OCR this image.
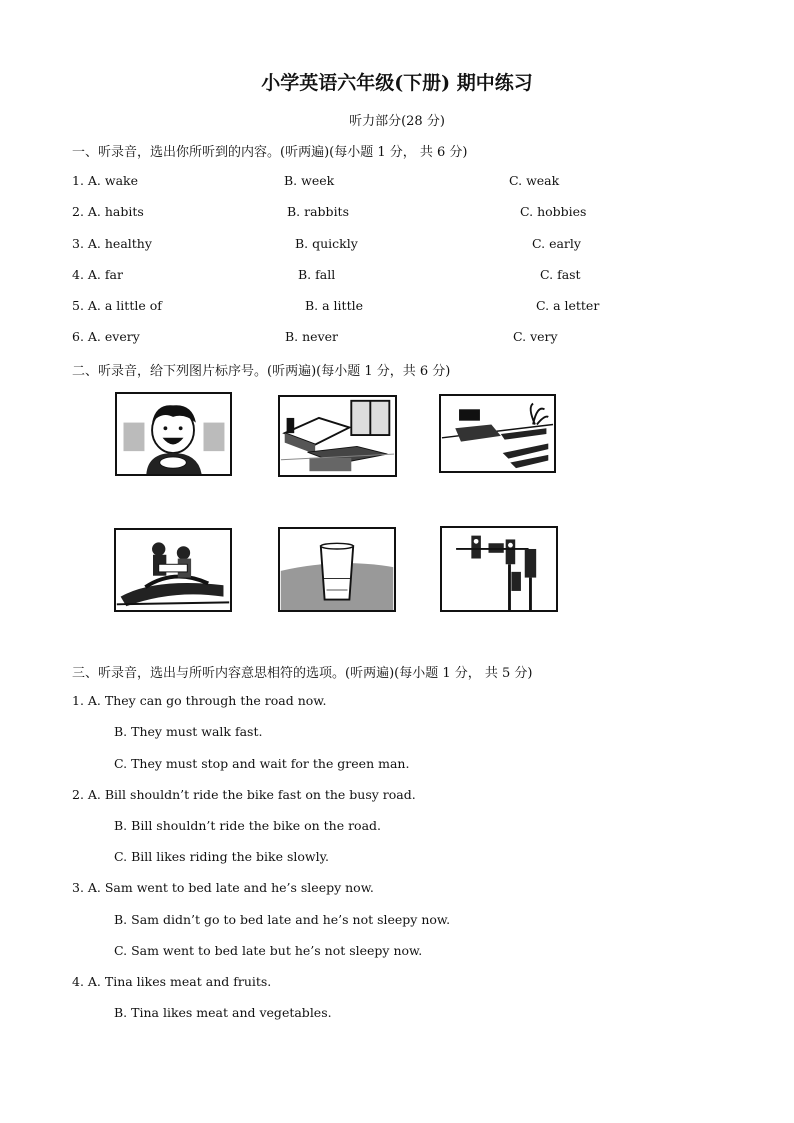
小学英语六年级(下册) 期中练习
听力部分(28 分)
一、听录音，选出你所听到的内容。(听两遍)(每小题 1 分， 共 6 分)
1. A. wake	B. week	C. weak
2. A. habits	B. rabbits	C. hobbies
3. A. healthy	B. quickly	C. early
4. A. far	B. fall	C. fast
5. A. a little of	B. a little	C. a letter
6. A. every	B. never	C. very
二、听录音，给下列图片标序号。(听两遍)(每小题 1 分，共 6 分)
三、听录音，选出与所听内容意思相符的选项。(听两遍)(每小题 1 分， 共 5 分)
1. A. They can go through the road now.
B. They must walk fast.
C. They must stop and wait for the green man.
2. A. Bill shouldn’t ride the bike fast on the busy road.
B. Bill shouldn’t ride the bike on the road.
C. Bill likes riding the bike slowly.
3. A. Sam went to bed late and he’s sleepy now.
B. Sam didn’t go to bed late and he’s not sleepy now.
C. Sam went to bed late but he’s not sleepy now.
4. A. Tina likes meat and fruits.
B. Tina likes meat and vegetables.
